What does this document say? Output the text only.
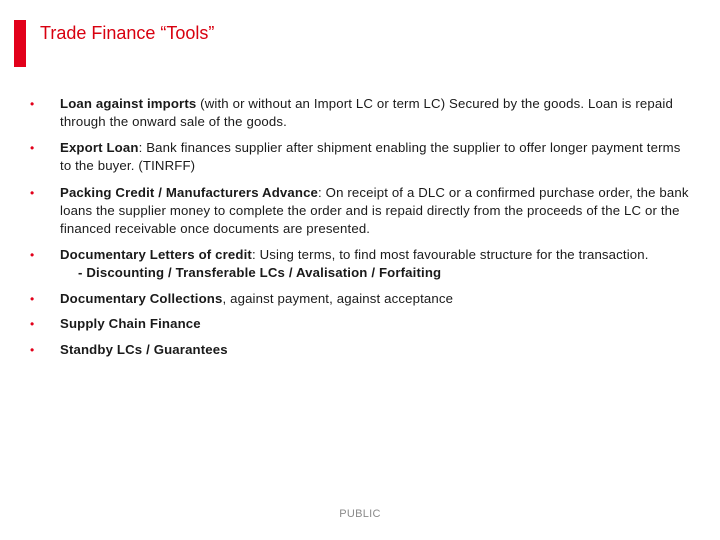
Trade Finance “Tools”
•	Loan against imports (with or without an Import LC or term LC) Secured by the goods. Loan is repaid through the onward sale of the goods.
•	Export Loan: Bank finances supplier after shipment enabling the supplier to offer longer payment terms to the buyer. (TINRFF)
•	Packing Credit / Manufacturers Advance: On receipt of a DLC or a confirmed purchase order, the bank loans the supplier money to complete the order and is repaid directly from the proceeds of the LC or the financed receivable once documents are presented.
•	Documentary Letters of credit: Using terms, to find most favourable structure for the transaction.
- Discounting / Transferable LCs / Avalisation / Forfaiting
•	Documentary Collections, against payment, against acceptance
•	Supply Chain Finance
•	Standby LCs / Guarantees
PUBLIC
